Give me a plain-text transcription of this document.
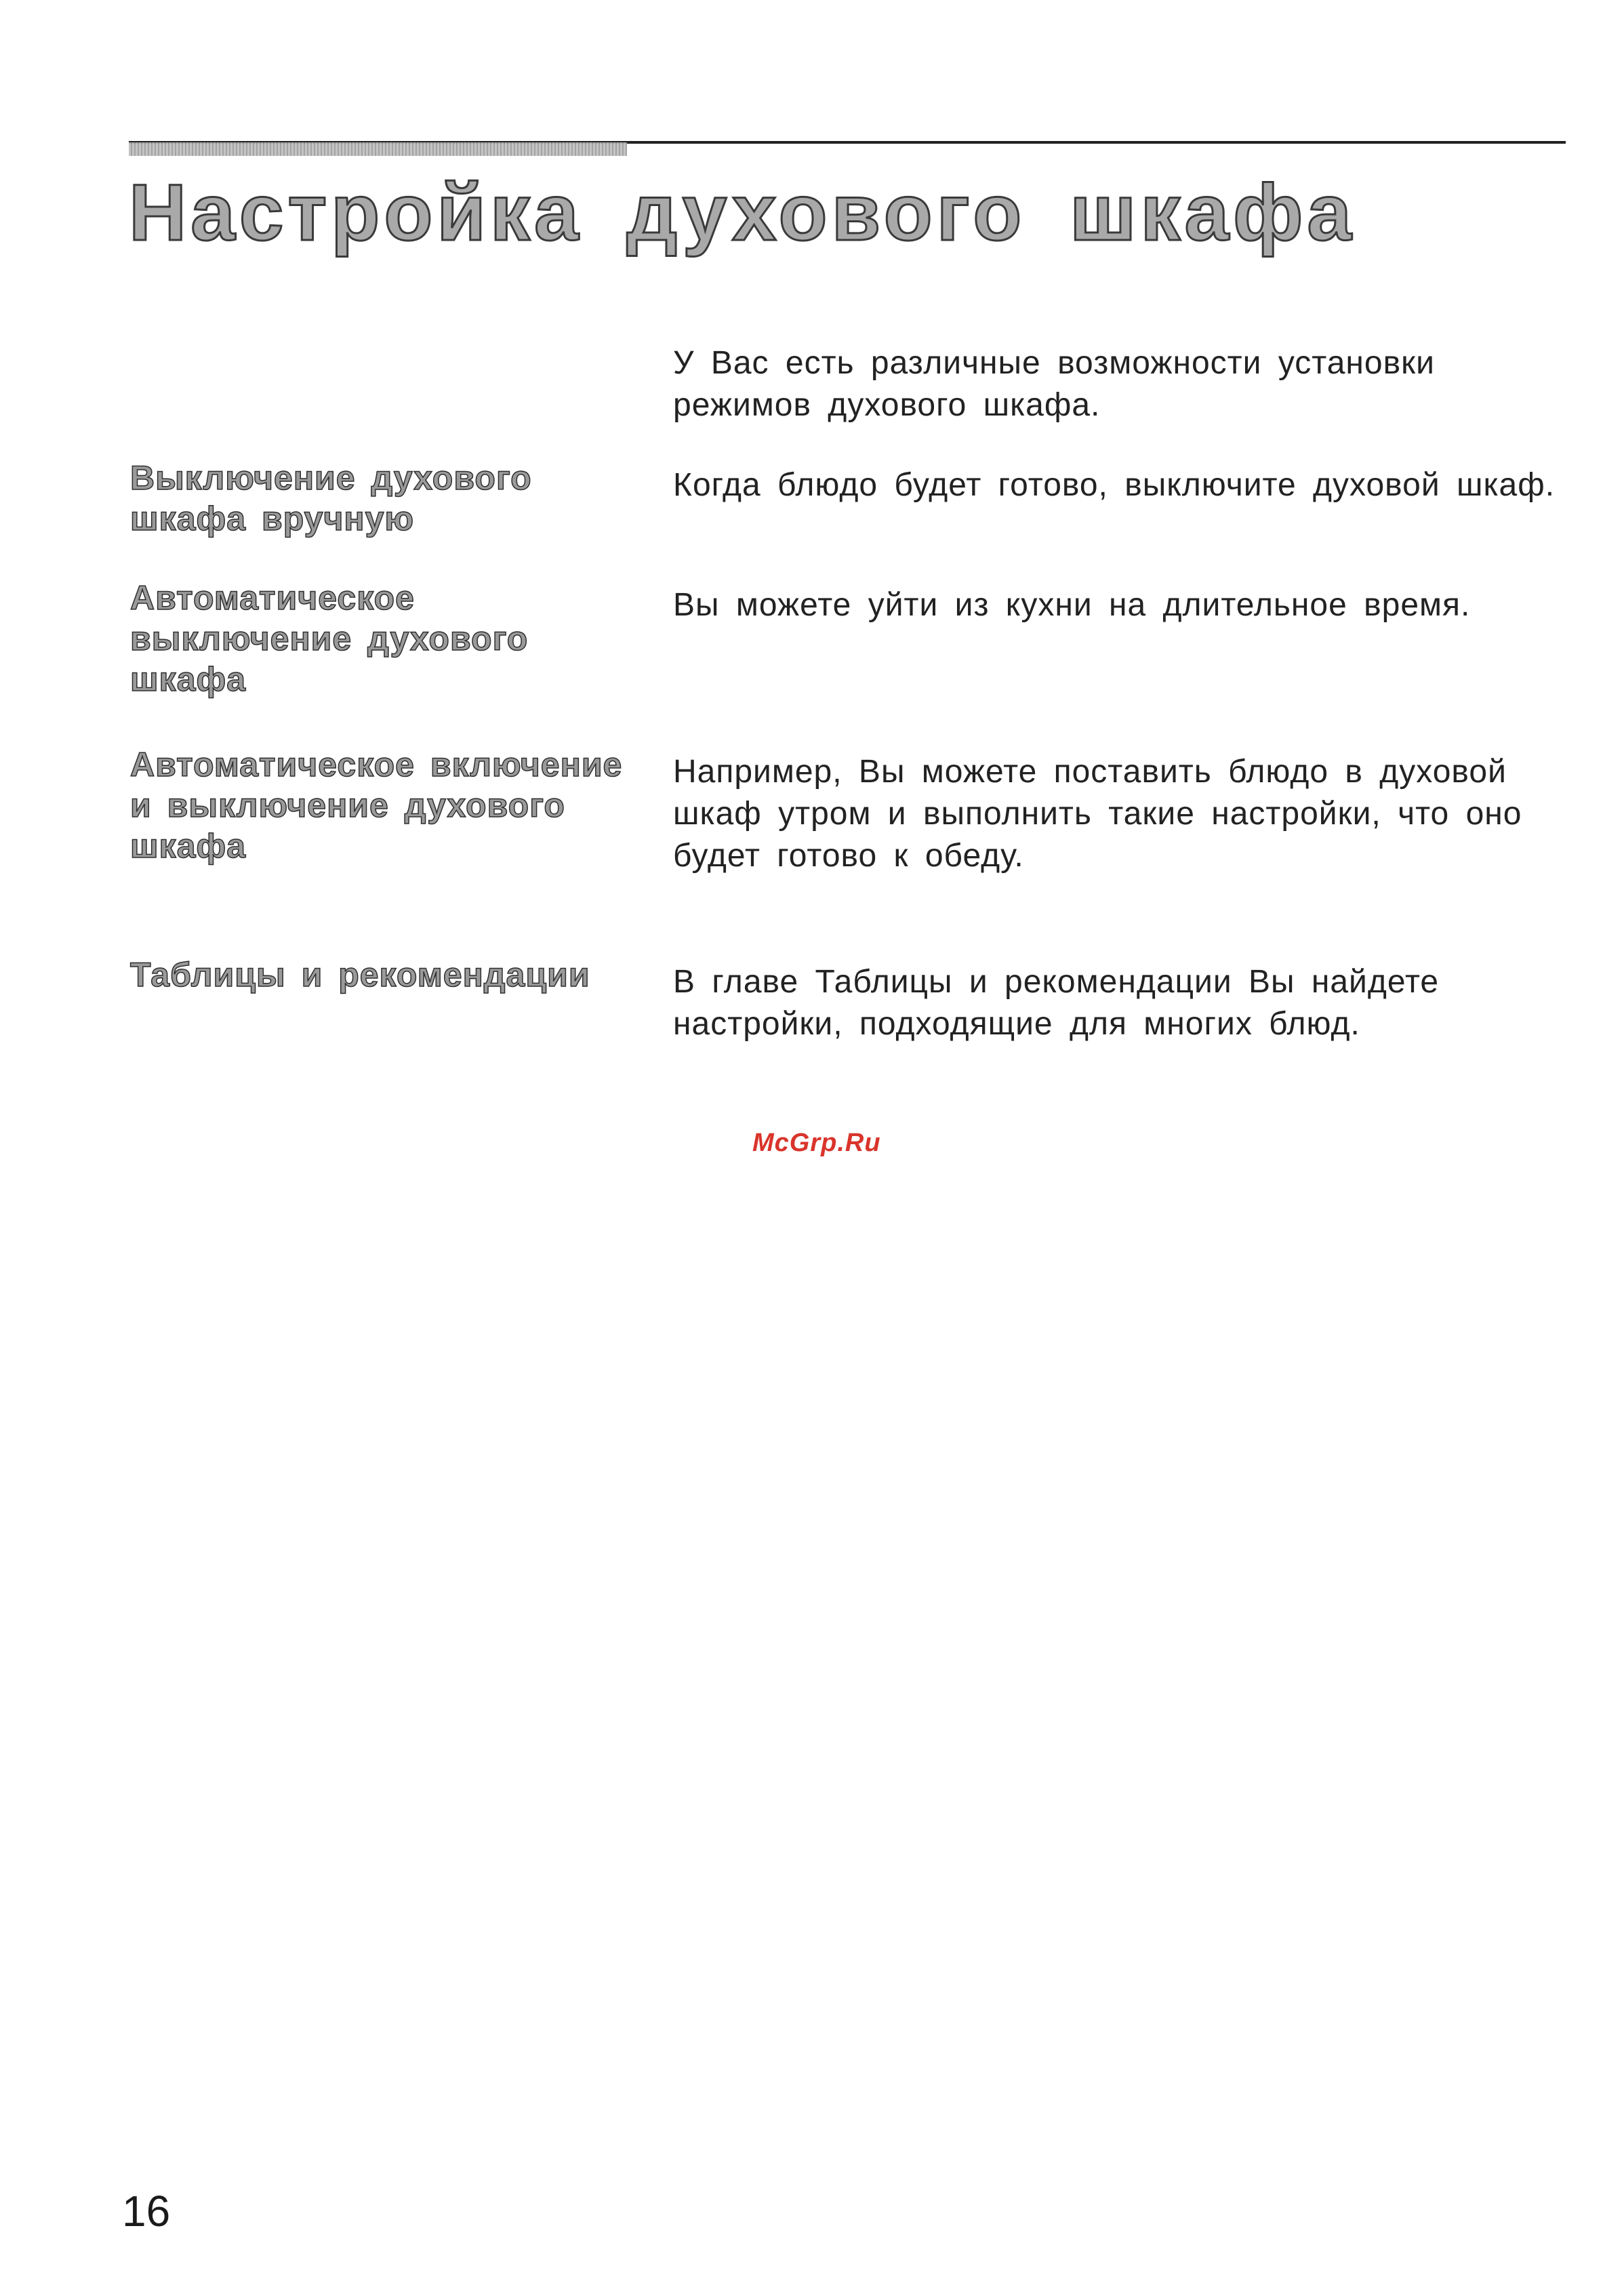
Настройка духового шкафа

У Вас есть различные возможности установки режимов духового шкафа.

Выключение духового шкафа вручную

Когда блюдо будет готово, выключите духовой шкаф.

Автоматическое выключение духового шкафа

Вы можете уйти из кухни на длительное время.

Автоматическое включение и выключение духового шкафа

Например, Вы можете поставить блюдо в духовой шкаф утром и выполнить такие настройки, что оно будет готово к обеду.

Таблицы и рекомендации	В главе Таблицы и рекомендации Вы найдете настройки, подходящие для многих блюд.

McGrp.Ru
16
